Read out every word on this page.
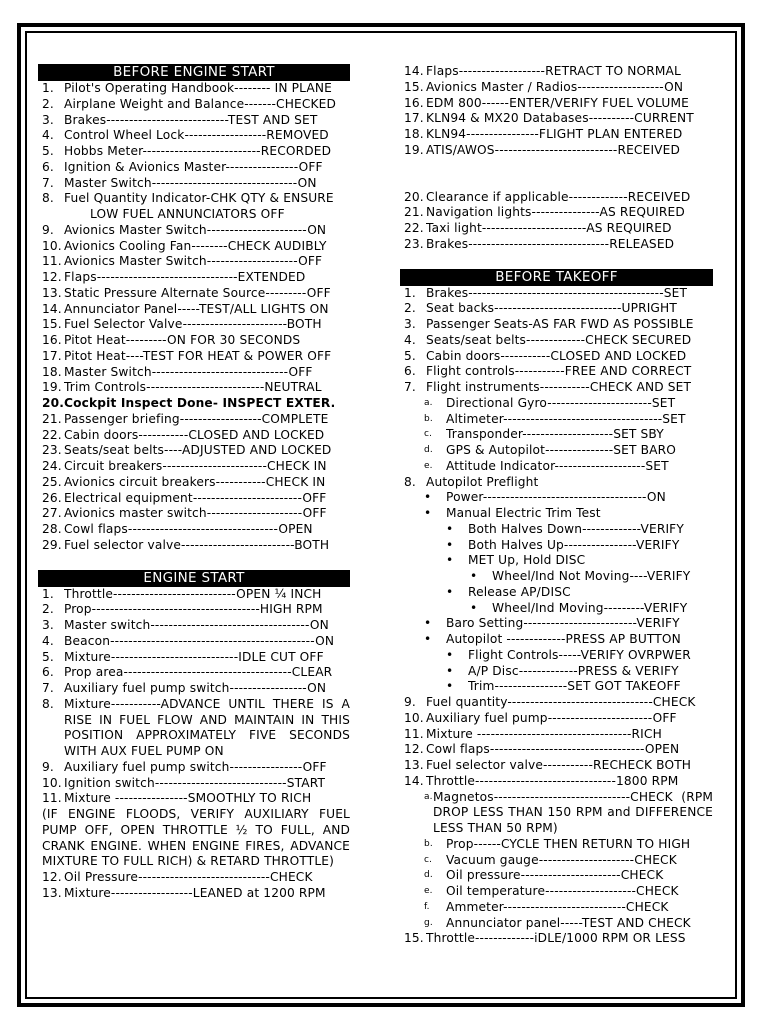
BEFORE ENGINE START
1. Pilot's Operating Handbook-------- IN PLANE
2. Airplane Weight and Balance-------CHECKED
3. Brakes---------------------------TEST AND SET
4. Control Wheel Lock------------------REMOVED
5. Hobbs Meter--------------------------RECORDED
6. Ignition & Avionics Master----------------OFF
7. Master Switch--------------------------------ON
8. Fuel Quantity Indicator-CHK QTY & ENSURE
LOW FUEL ANNUNCIATORS OFF
9. Avionics Master Switch----------------------ON
10. Avionics Cooling Fan--------CHECK AUDIBLY
11. Avionics Master Switch--------------------OFF
12. Flaps-------------------------------EXTENDED
13. Static Pressure Alternate Source---------OFF
14. Annunciator Panel-----TEST/ALL LIGHTS ON
15. Fuel Selector Valve-----------------------BOTH
16. Pitot Heat---------ON FOR 30 SECONDS
17. Pitot Heat----TEST FOR HEAT & POWER OFF
18. Master Switch------------------------------OFF
19. Trim Controls--------------------------NEUTRAL
20. Cockpit Inspect Done- INSPECT EXTER.
21. Passenger briefing------------------COMPLETE
22. Cabin doors-----------CLOSED AND LOCKED
23. Seats/seat belts----ADJUSTED AND LOCKED
24. Circuit breakers-----------------------CHECK IN
25. Avionics circuit breakers-----------CHECK IN
26. Electrical equipment------------------------OFF
27. Avionics master switch---------------------OFF
28. Cowl flaps---------------------------------OPEN
29. Fuel selector valve-------------------------BOTH
ENGINE START
1. Throttle---------------------------OPEN ¼ INCH
2. Prop-------------------------------------HIGH RPM
3. Master switch-----------------------------------ON
4. Beacon---------------------------------------------ON
5. Mixture----------------------------IDLE CUT OFF
6. Prop area-------------------------------------CLEAR
7. Auxiliary fuel pump switch-----------------ON
8. Mixture-----------ADVANCE UNTIL THERE IS A RISE IN FUEL FLOW AND MAINTAIN IN THIS POSITION APPROXIMATELY FIVE SECONDS WITH AUX FUEL PUMP ON
9. Auxiliary fuel pump switch----------------OFF
10. Ignition switch-----------------------------START
11. Mixture ----------------SMOOTHLY TO RICH
(IF ENGINE FLOODS, VERIFY AUXILIARY FUEL PUMP OFF, OPEN THROTTLE ½ TO FULL, AND CRANK ENGINE. WHEN ENGINE FIRES, ADVANCE MIXTURE TO FULL RICH) & RETARD THROTTLE)
12. Oil Pressure-----------------------------CHECK
13. Mixture------------------LEANED at 1200 RPM
14. Flaps-------------------RETRACT TO NORMAL
15. Avionics Master / Radios-------------------ON
16. EDM 800------ENTER/VERIFY FUEL VOLUME
17. KLN94 & MX20 Databases----------CURRENT
18. KLN94----------------FLIGHT PLAN ENTERED
19. ATIS/AWOS---------------------------RECEIVED
20. Clearance if applicable-------------RECEIVED
21. Navigation lights---------------AS REQUIRED
22. Taxi light-----------------------AS REQUIRED
23. Brakes-------------------------------RELEASED
BEFORE TAKEOFF
1. Brakes-------------------------------------------SET
2. Seat backs----------------------------UPRIGHT
3. Passenger Seats-AS FAR FWD AS POSSIBLE
4. Seats/seat belts-------------CHECK SECURED
5. Cabin doors-----------CLOSED AND LOCKED
6. Flight controls-----------FREE AND CORRECT
7. Flight instruments-----------CHECK AND SET
a.	Directional Gyro-----------------------SET
b.	Altimeter-----------------------------------SET
c.	Transponder--------------------SET SBY
d.	GPS & Autopilot---------------SET BARO
e.	Attitude Indicator--------------------SET
8. Autopilot Preflight
•	Power------------------------------------ON
•	Manual Electric Trim Test
•	Both Halves Down-------------VERIFY
•	Both Halves Up----------------VERIFY
•	MET Up, Hold DISC
•	Wheel/Ind Not Moving----VERIFY
•	Release AP/DISC
•	Wheel/Ind Moving---------VERIFY
•	Baro Setting-------------------------VERIFY
•	Autopilot -------------PRESS AP BUTTON
•	Flight Controls-----VERIFY OVRPWER
•	A/P Disc-------------PRESS & VERIFY
•	Trim----------------SET GOT TAKEOFF
9. Fuel quantity--------------------------------CHECK
10. Auxiliary fuel pump-----------------------OFF
11. Mixture ----------------------------------RICH
12. Cowl flaps----------------------------------OPEN
13. Fuel selector valve-----------RECHECK BOTH
14. Throttle-------------------------------1800 RPM
a. Magnetos------------------------------CHECK (RPM DROP LESS THAN 150 RPM and DIFFERENCE LESS THAN 50 RPM)
b.	Prop------CYCLE THEN RETURN TO HIGH
c.	Vacuum gauge---------------------CHECK
d.	Oil pressure----------------------CHECK
e.	Oil temperature--------------------CHECK
f.	Ammeter---------------------------CHECK
g.	Annunciator panel-----TEST AND CHECK
15. Throttle-------------iDLE/1000 RPM OR LESS
